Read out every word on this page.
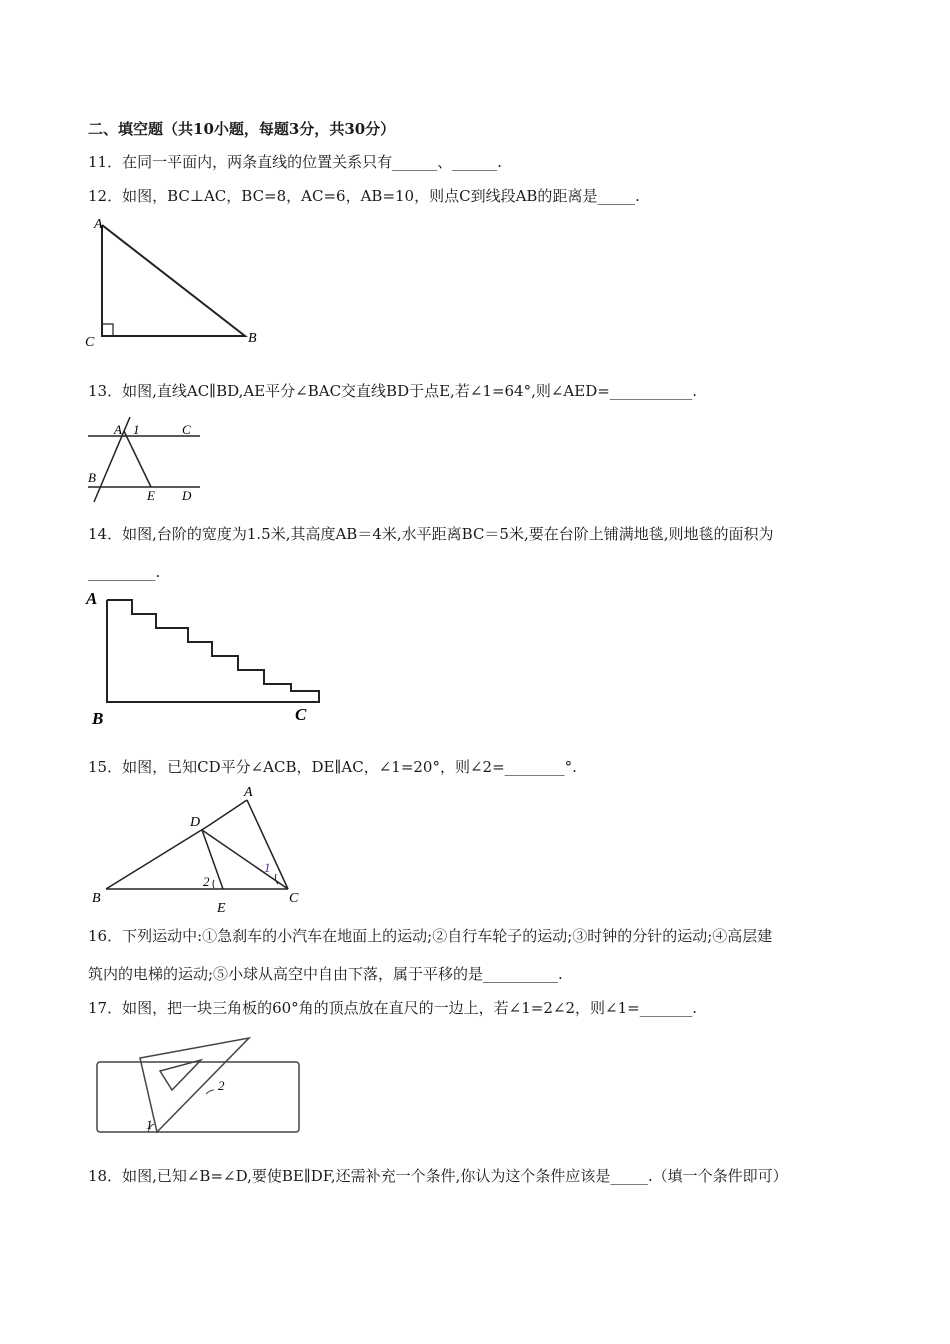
二、填空题（共10小题，每题3分，共30分）
11．在同一平面内，两条直线的位置关系只有______、______.
12．如图，BC⊥AC，BC=8，AC=6，AB=10，则点C到线段AB的距离是_____.
A
C	B
13．如图,直线AC∥BD,AE平分∠BAC交直线BD于点E,若∠1=64°,则∠AED=___________.
A 1	C
B
E D
14．如图,台阶的宽度为1.5米,其高度AB＝4米,水平距离BC＝5米,要在台阶上铺满地毯,则地毯的面积为
_________.
A
B	C
15．如图，已知CD平分∠ACB，DE∥AC，∠1=20°，则∠2=________°.
A
D
1
2
B
E
C
16．下列运动中:①急刹车的小汽车在地面上的运动;②自行车轮子的运动;③时钟的分针的运动;④高层建
筑内的电梯的运动;⑤小球从高空中自由下落，属于平移的是__________.
17．如图，把一块三角板的60°角的顶点放在直尺的一边上，若∠1=2∠2，则∠1=_______.
1
2
18．如图,已知∠B=∠D,要使BE∥DF,还需补充一个条件,你认为这个条件应该是_____.（填一个条件即可）
